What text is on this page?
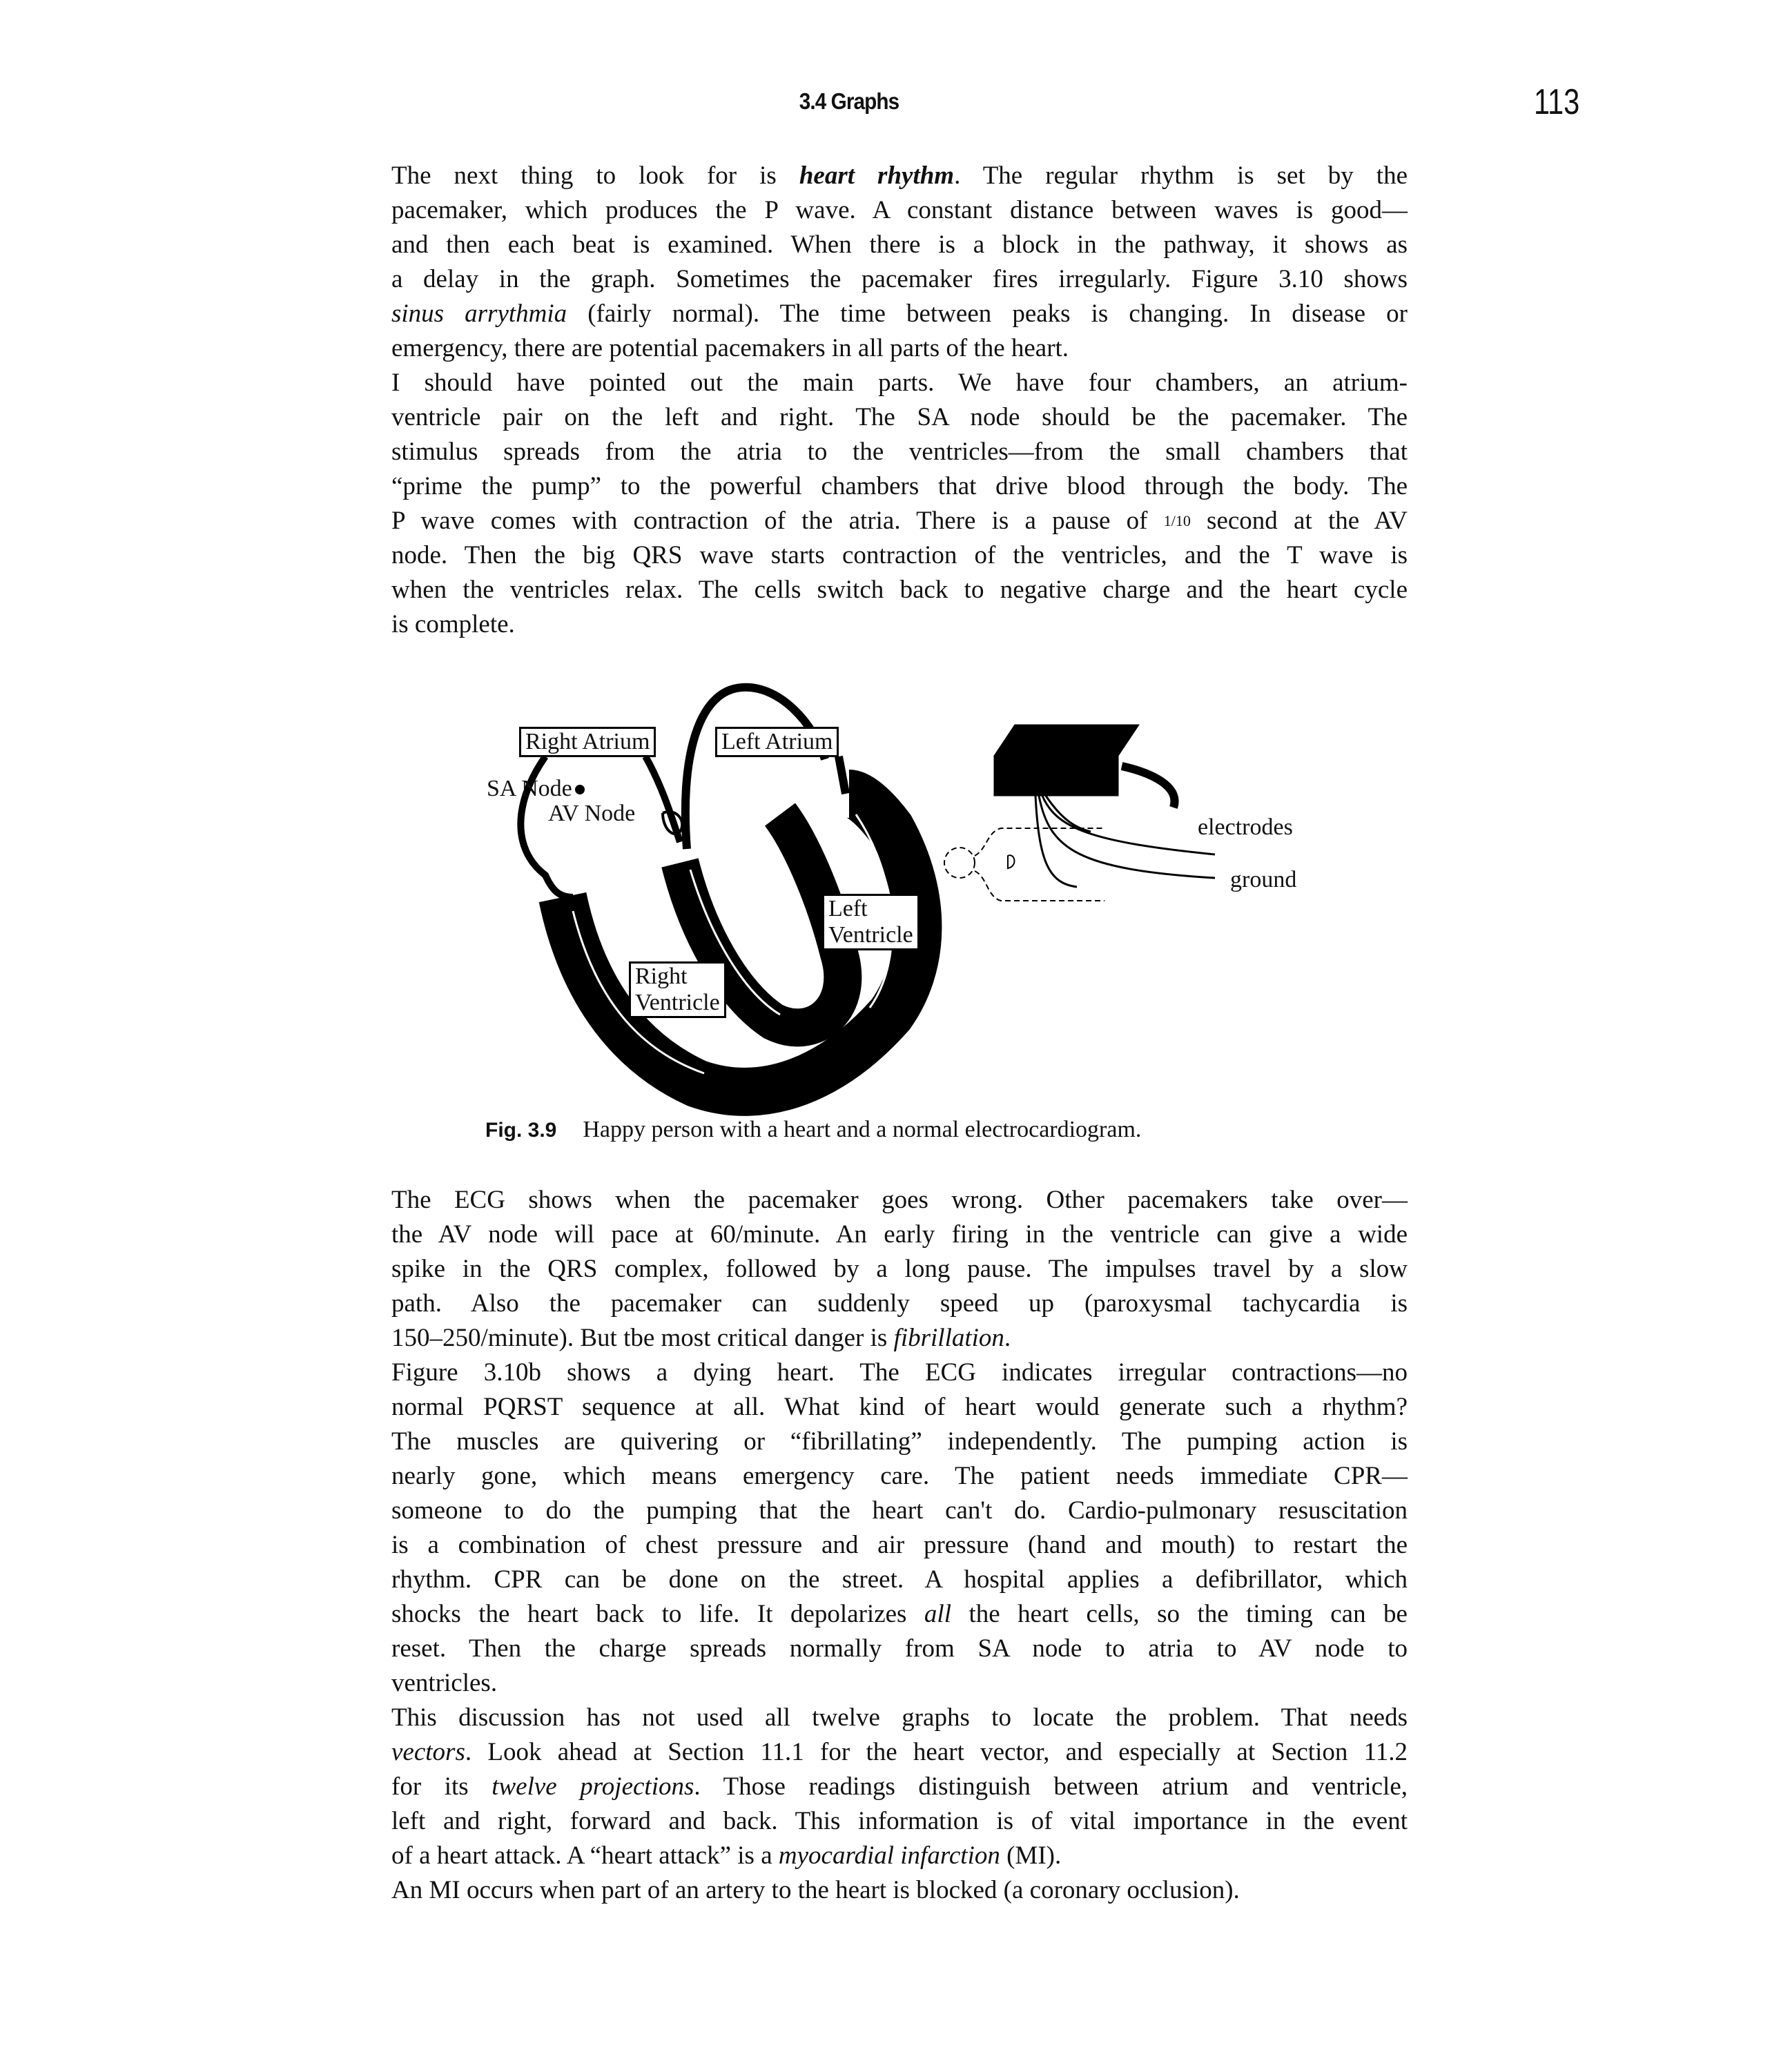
3.4 Graphs	113
The next thing to look for is heart rhythm. The regular rhythm is set by the
pacemaker, which produces the P wave. A constant distance between waves is good—
and then each beat is examined. When there is a block in the pathway, it shows as
a delay in the graph. Sometimes the pacemaker fires irregularly. Figure 3.10 shows
sinus arrythmia (fairly normal). The time between peaks is changing. In disease or
emergency, there are potential pacemakers in all parts of the heart.
I should have pointed out the main parts. We have four chambers, an atrium-
ventricle pair on the left and right. The SA node should be the pacemaker. The
stimulus spreads from the atria to the ventricles—from the small chambers that
“prime the pump” to the powerful chambers that drive blood through the body. The
P wave comes with contraction of the atria. There is a pause of 1/10 second at the AV
node. Then the big QRS wave starts contraction of the ventricles, and the T wave is
when the ventricles relax. The cells switch back to negative charge and the heart cycle
is complete.
Right Atrium	Left Atrium
SA Node
AV Node
Left
Ventricle
Right
Ventricle
electrodes
ground
Fig. 3.9 Happy person with a heart and a normal electrocardiogram.
The ECG shows when the pacemaker goes wrong. Other pacemakers take over—
the AV node will pace at 60/minute. An early firing in the ventricle can give a wide
spike in the QRS complex, followed by a long pause. The impulses travel by a slow
path. Also the pacemaker can suddenly speed up (paroxysmal tachycardia is
150–250/minute). But tbe most critical danger is fibrillation.
Figure 3.10b shows a dying heart. The ECG indicates irregular contractions—no
normal PQRST sequence at all. What kind of heart would generate such a rhythm?
The muscles are quivering or “fibrillating” independently. The pumping action is
nearly gone, which means emergency care. The patient needs immediate CPR—
someone to do the pumping that the heart can't do. Cardio-pulmonary resuscitation
is a combination of chest pressure and air pressure (hand and mouth) to restart the
rhythm. CPR can be done on the street. A hospital applies a defibrillator, which
shocks the heart back to life. It depolarizes all the heart cells, so the timing can be
reset. Then the charge spreads normally from SA node to atria to AV node to
ventricles.
This discussion has not used all twelve graphs to locate the problem. That needs
vectors. Look ahead at Section 11.1 for the heart vector, and especially at Section 11.2
for its twelve projections. Those readings distinguish between atrium and ventricle,
left and right, forward and back. This information is of vital importance in the event
of a heart attack. A “heart attack” is a myocardial infarction (MI).
An MI occurs when part of an artery to the heart is blocked (a coronary occlusion).
